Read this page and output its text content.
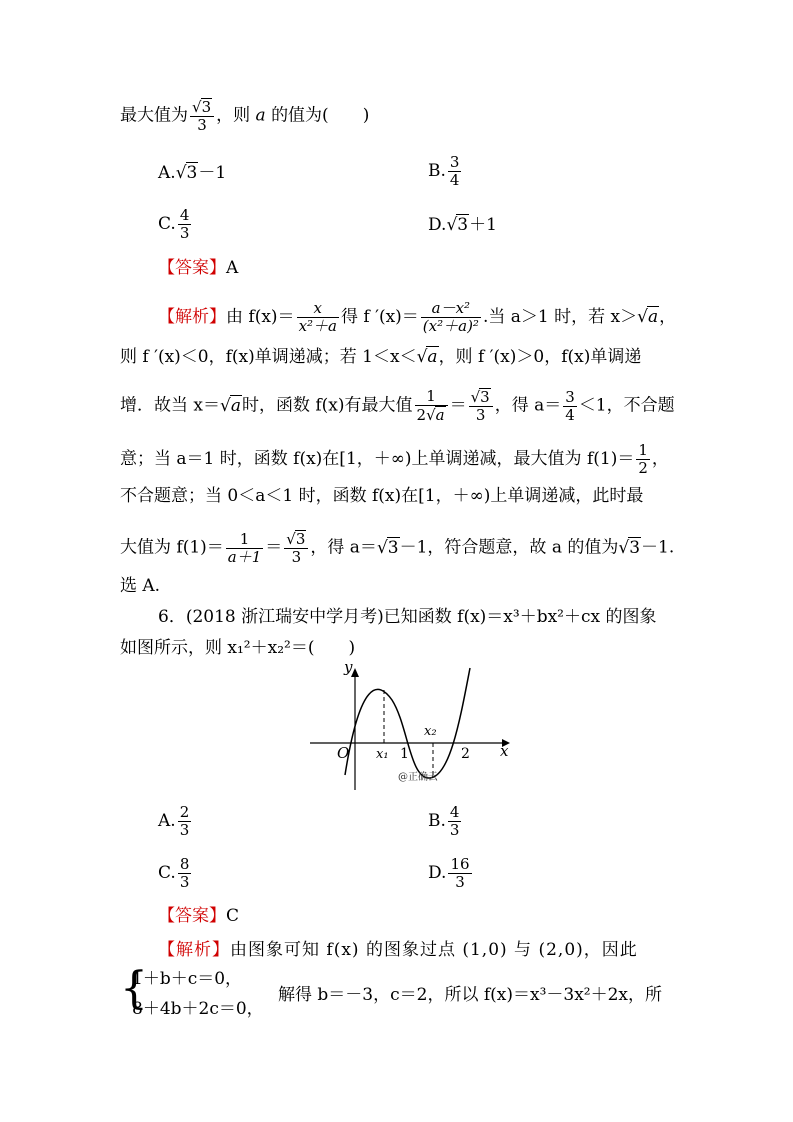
最大值为 $\frac{√3}{3}$ ，则 a 的值为(　　)
A.√3－1	B. $\frac{3}{4}$
C. $\frac{4}{3}$	D.√3＋1
【答案】A
【解析】由 $f(x)= \frac{x}{\text{x²＋a}}$ 得 f $'(x)= \frac{\text{a－x²}}{\text{(x²＋a)²}}$ .当 a＞1 时，若 x＞√a，
则 f ′(x)＜0，f(x)单调递减；若 1＜x＜√a，则 f ′(x)＞0，f(x)单调递
增．故当 x＝√a时，函数 f(x)有最大值 $\frac{1}{2√a} = \frac{√3}{3}$ ，得 $a= \frac{3}{4} <1$，不合题
意；当 a＝1 时，函数 f(x)在[1，＋∞)上单调递减，最大值为 $f(1)= \frac{1}{2}$ ，
不合题意；当 0＜a＜1 时，函数 f(x)在[1，＋∞)上单调递减，此时最
大值为 $f(1)= \frac{1}{a+1} = \frac{√3}{3}$ ，得 a＝√3－1，符合题意，故 a 的值为√3－1.
选 A.
6．(2018 浙江瑞安中学月考)已知函数 f(x)＝x³＋bx²＋cx 的图象
如图所示，则 x₁²＋x₂²＝(　　)
y
x
O x₁ 1
x₂
2
@正确云
A. $\frac{2}{3}$	B. $\frac{4}{3}$
C. $\frac{8}{3}$	D. $\frac{16}{3}$
【答案】C
【解析】由图象可知 f(x) 的图象过点 (1,0) 与 (2,0)，因此
{
1＋b＋c＝0，
8＋4b＋2c＝0，
解得 b＝－3，c＝2，所以 f(x)＝x³－3x²＋2x，所
